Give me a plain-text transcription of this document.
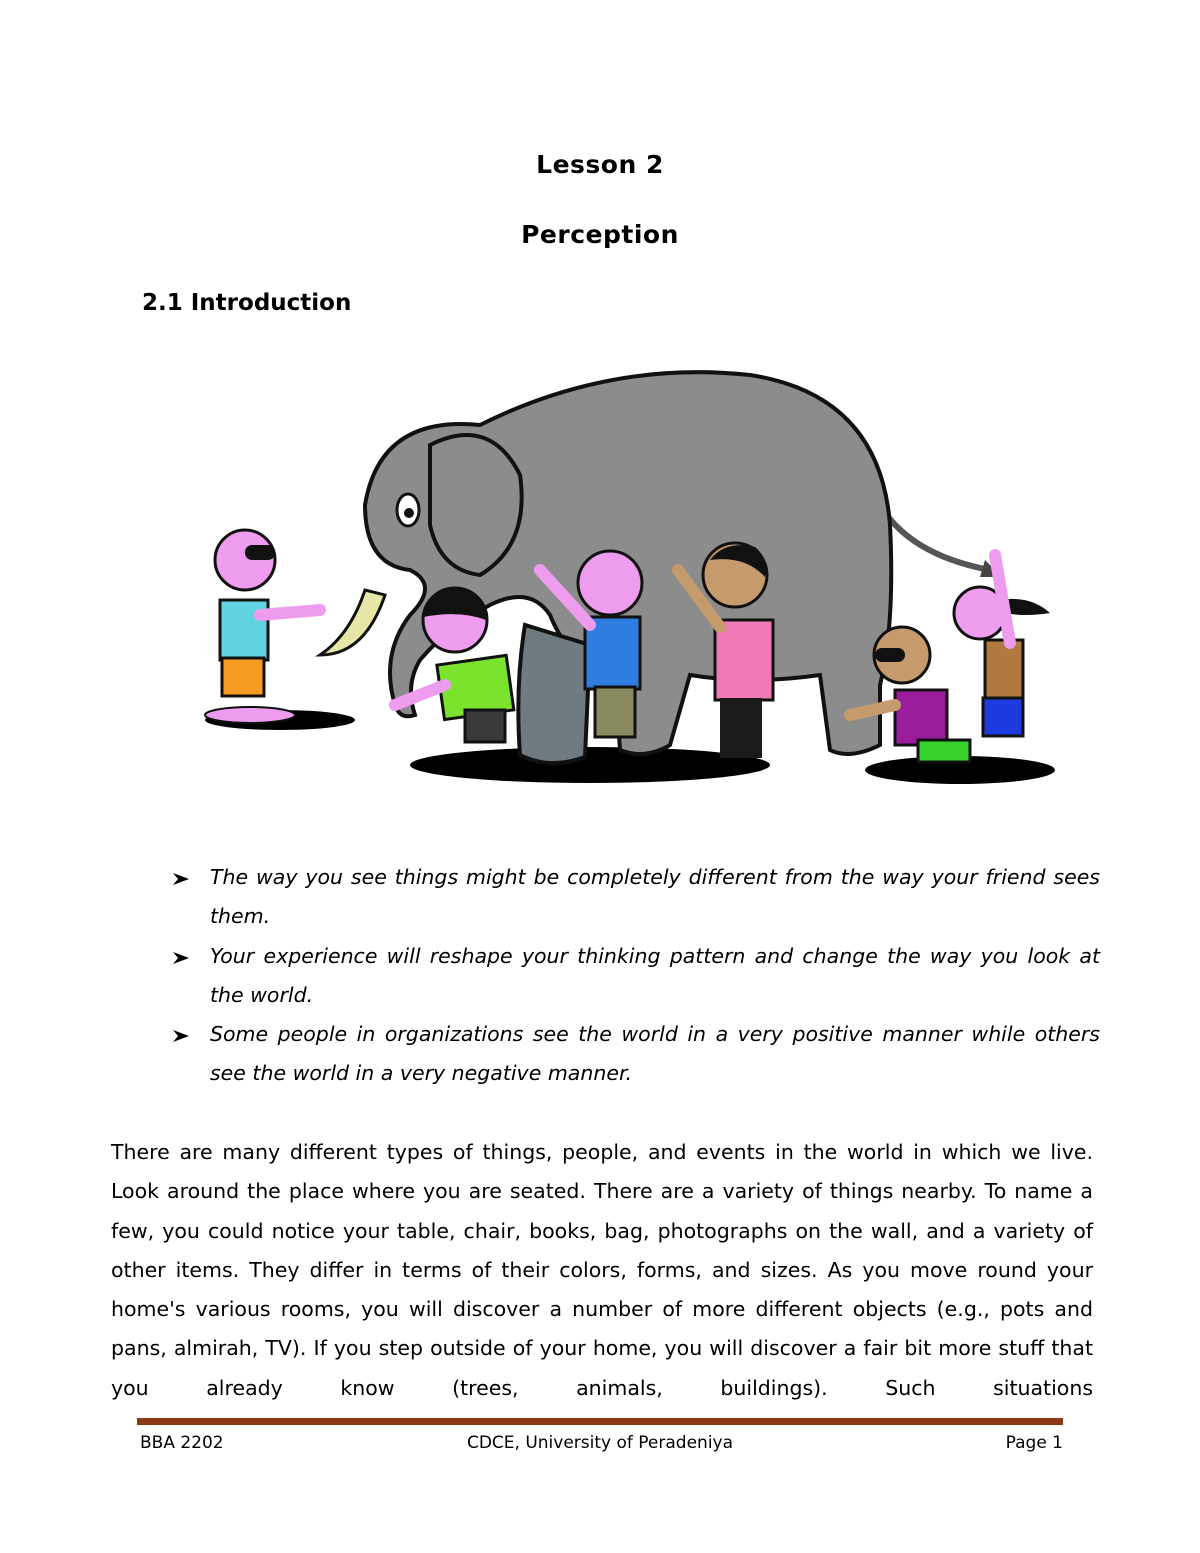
Lesson 2
Perception
2.1 Introduction
The way you see things might be completely different from the way your friend sees them.
Your experience will reshape your thinking pattern and change the way you look at the world.
Some people in organizations see the world in a very positive manner while others see the world in a very negative manner.

There are many different types of things, people, and events in the world in which we live. Look around the place where you are seated. There are a variety of things nearby. To name a few, you could notice your table, chair, books, bag, photographs on the wall, and a variety of other items. They differ in terms of their colors, forms, and sizes. As you move round your home's various rooms, you will discover a number of more different objects (e.g., pots and pans, almirah, TV). If you step outside of your home, you will discover a fair bit more stuff that you already know (trees, animals, buildings). Such situations

BBA 2202	CDCE, University of Peradeniya	Page 1
